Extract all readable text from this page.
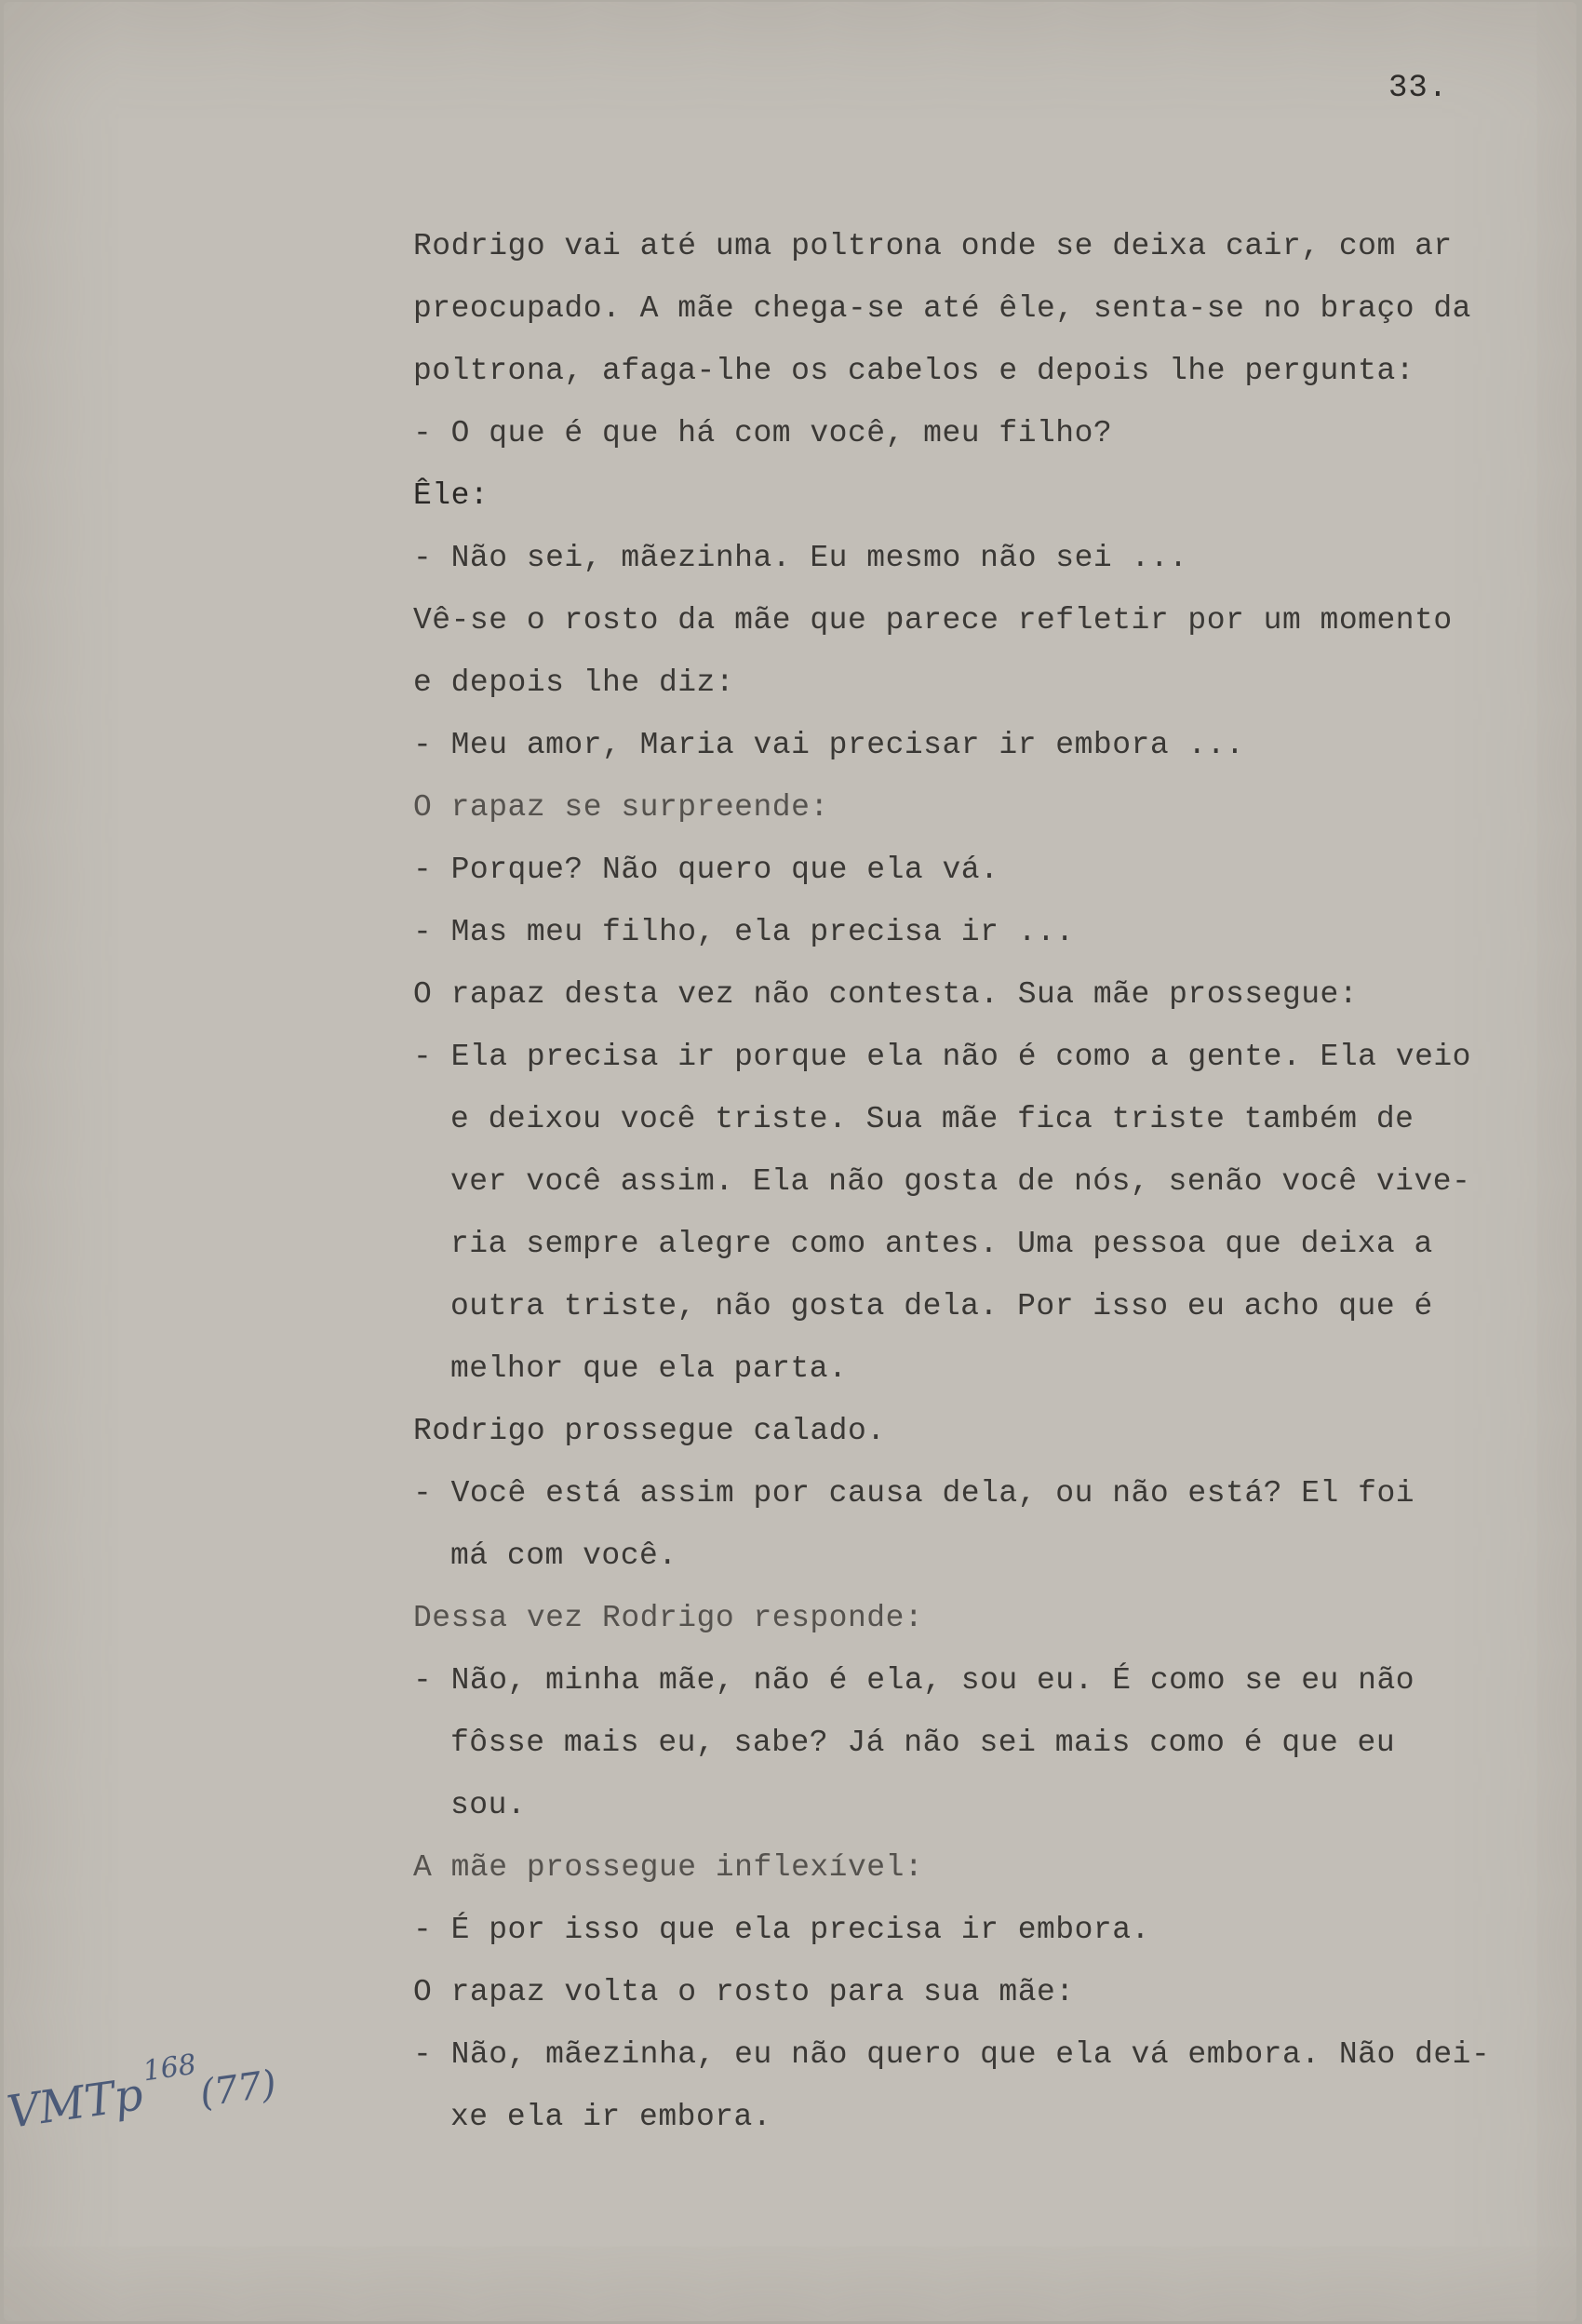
33.
Rodrigo vai até uma poltrona onde se deixa cair, com ar
preocupado. A mãe chega-se até êle, senta-se no braço da
poltrona, afaga-lhe os cabelos e depois lhe pergunta:
- O que é que há com você, meu filho?
Êle:
- Não sei, mãezinha. Eu mesmo não sei ...
Vê-se o rosto da mãe que parece refletir por um momento
e depois lhe diz:
- Meu amor, Maria vai precisar ir embora ...
O rapaz se surpreende:
- Porque? Não quero que ela vá.
- Mas meu filho, ela precisa ir ...
O rapaz desta vez não contesta. Sua mãe prossegue:
- Ela precisa ir porque ela não é como a gente. Ela veio
e deixou você triste. Sua mãe fica triste também de
ver você assim. Ela não gosta de nós, senão você vive-
ria sempre alegre como antes. Uma pessoa que deixa a
outra triste, não gosta dela. Por isso eu acho que é
melhor que ela parta.
Rodrigo prossegue calado.
- Você está assim por causa dela, ou não está? El foi
má com você.
Dessa vez Rodrigo responde:
- Não, minha mãe, não é ela, sou eu. É como se eu não
fôsse mais eu, sabe? Já não sei mais como é que eu
sou.
A mãe prossegue inflexível:
- É por isso que ela precisa ir embora.
O rapaz volta o rosto para sua mãe:
- Não, mãezinha, eu não quero que ela vá embora. Não dei-
xe ela ir embora.
VMTp$^{168}$(77)
